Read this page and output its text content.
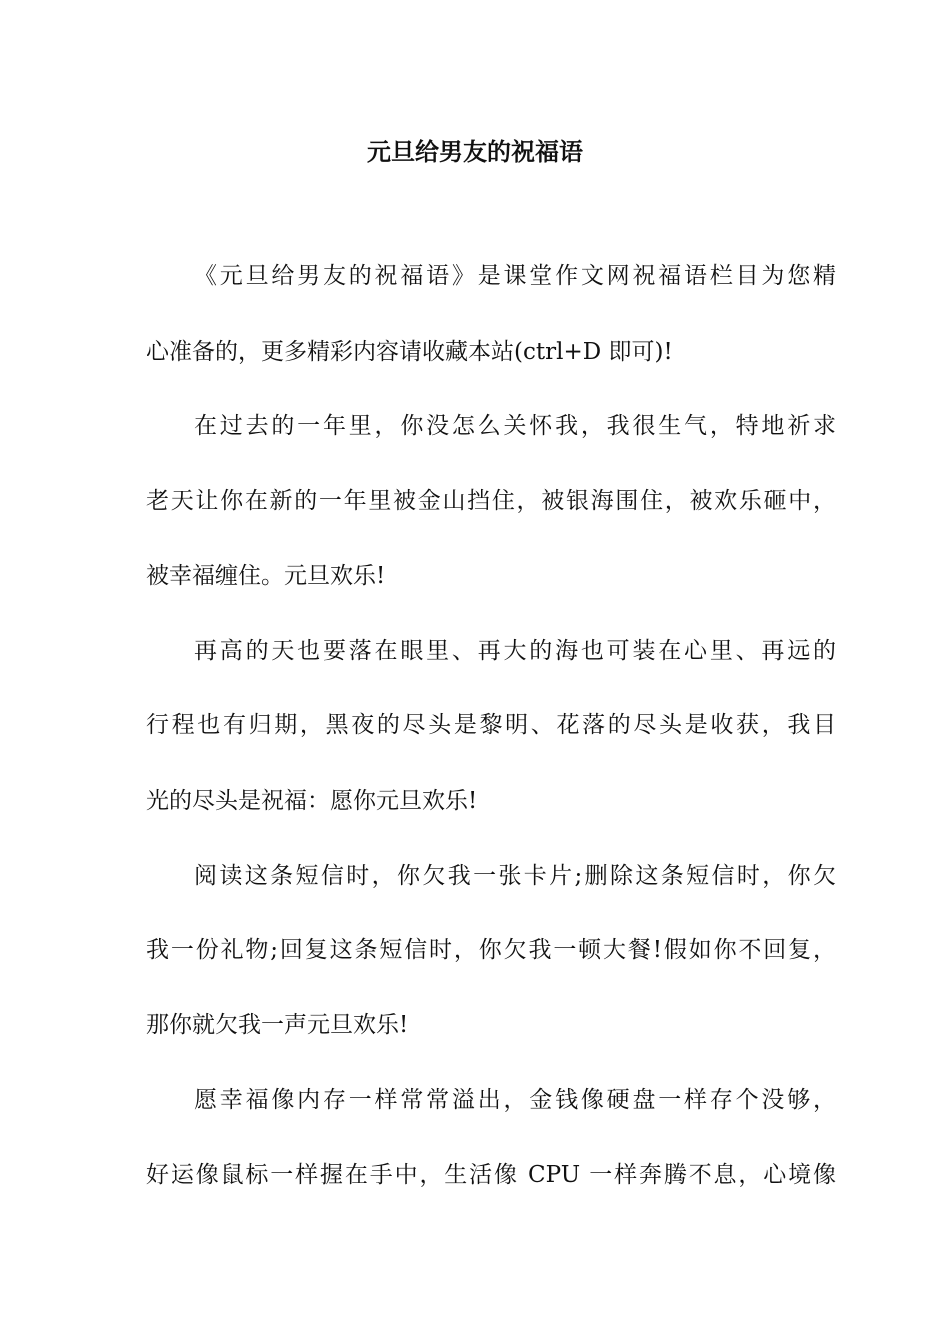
元旦给男友的祝福语
《元旦给男友的祝福语》是课堂作文网祝福语栏目为您精
心准备的，更多精彩内容请收藏本站(ctrl+D 即可)!
在过去的一年里，你没怎么关怀我，我很生气，特地祈求
老天让你在新的一年里被金山挡住，被银海围住，被欢乐砸中，
被幸福缠住。元旦欢乐!
再高的天也要落在眼里、再大的海也可装在心里、再远的
行程也有归期，黑夜的尽头是黎明、花落的尽头是收获，我目
光的尽头是祝福：愿你元旦欢乐!
阅读这条短信时，你欠我一张卡片;删除这条短信时，你欠
我一份礼物;回复这条短信时，你欠我一顿大餐!假如你不回复，
那你就欠我一声元旦欢乐!
愿幸福像内存一样常常溢出，金钱像硬盘一样存个没够，
好运像鼠标一样握在手中，生活像 CPU 一样奔腾不息，心境像
